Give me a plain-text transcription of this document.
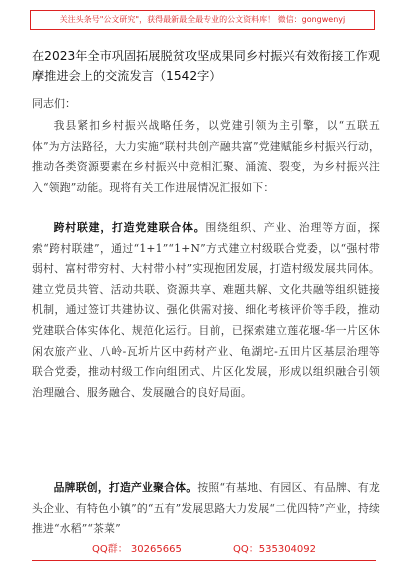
关注头条号"公文研究"，获得最新最全最专业的公文资料库！ 微信：gongwenyj
在2023年全市巩固拓展脱贫攻坚成果同乡村振兴有效衔接工作观摩推进会上的交流发言（1542字）
同志们：

我县紧扣乡村振兴战略任务，以党建引领为主引擎，以“五联五体”为方法路径，大力实施“联村共创产融共富”党建赋能乡村振兴行动，推动各类资源要素在乡村振兴中竞相汇聚、涌流、裂变，为乡村振兴注入“领跑”动能。现将有关工作进展情况汇报如下：

跨村联建，打造党建联合体。围绕组织、产业、治理等方面，探索“跨村联建”，通过“1+1”“1+N”方式建立村级联合党委，以“强村带弱村、富村带穷村、大村带小村”实现抱团发展，打造村级发展共同体。建立党员共管、活动共联、资源共享、难题共解、文化共融等组织链接机制，通过签订共建协议、强化供需对接、细化考核评价等手段，推动党建联合体实体化、规范化运行。目前，已探索建立莲花堰-华一片区休闲农旅产业、八岭-瓦圻片区中药材产业、龟湖坨-五田片区基层治理等联合党委，推动村级工作向组团式、片区化发展，形成以组织融合引领治理融合、服务融合、发展融合的良好局面。

品牌联创，打造产业聚合体。按照“有基地、有园区、有品牌、有龙头企业、有特色小镇”的“五有”发展思路大力发展“二优四特”产业，持续推进“水稻”“茶菜”

QQ群： 30265665	QQ：535304092
